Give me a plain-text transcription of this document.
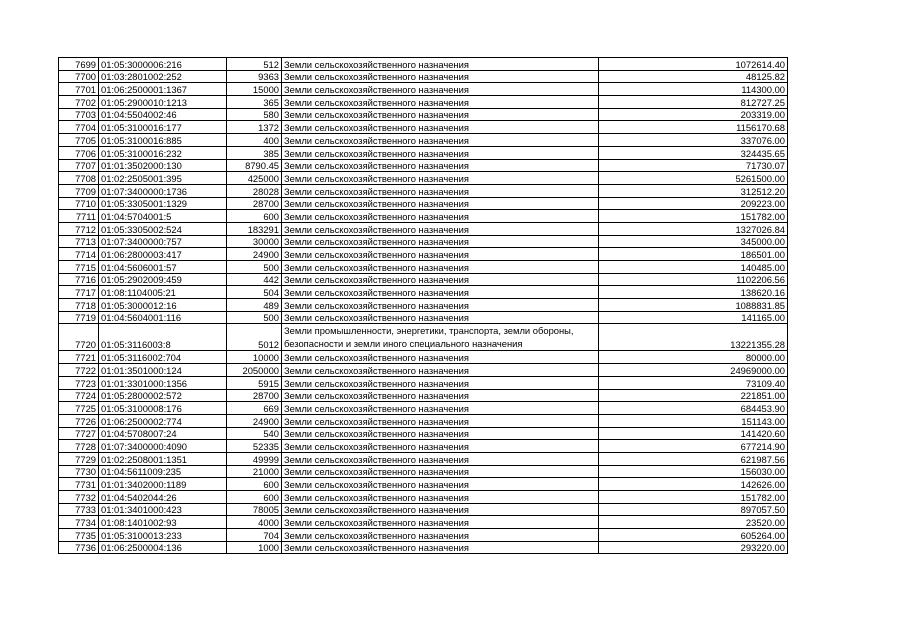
7699	01:05:3000006:216	512	Земли сельскохозяйственного назначения	1072614.40
7700	01:03:2801002:252	9363	Земли сельскохозяйственного назначения	48125.82
7701	01:06:2500001:1367	15000	Земли сельскохозяйственного назначения	114300.00
7702	01:05:2900010:1213	365	Земли сельскохозяйственного назначения	812727.25
7703	01:04:5504002:46	580	Земли сельскохозяйственного назначения	203319.00
7704	01:05:3100016:177	1372	Земли сельскохозяйственного назначения	1156170.68
7705	01:05:3100016:885	400	Земли сельскохозяйственного назначения	337076.00
7706	01:05:3100016:232	385	Земли сельскохозяйственного назначения	324435.65
7707	01:01:3502000:130	8790.45	Земли сельскохозяйственного назначения	71730.07
7708	01:02:2505001:395	425000	Земли сельскохозяйственного назначения	5261500.00
7709	01:07:3400000:1736	28028	Земли сельскохозяйственного назначения	312512.20
7710	01:05:3305001:1329	28700	Земли сельскохозяйственного назначения	209223.00
7711	01:04:5704001:5	600	Земли сельскохозяйственного назначения	151782.00
7712	01:05:3305002:524	183291	Земли сельскохозяйственного назначения	1327026.84
7713	01:07:3400000:757	30000	Земли сельскохозяйственного назначения	345000.00
7714	01:06:2800003:417	24900	Земли сельскохозяйственного назначения	186501.00
7715	01:04:5606001:57	500	Земли сельскохозяйственного назначения	140485.00
7716	01:05:2902009:459	442	Земли сельскохозяйственного назначения	1102206.56
7717	01:08:1104005:21	504	Земли сельскохозяйственного назначения	138620.16
7718	01:05:3000012:16	489	Земли сельскохозяйственного назначения	1088831.85
7719	01:04:5604001:116	500	Земли сельскохозяйственного назначения	141165.00
7720	01:05:3116003:8	5012	Земли промышленности, энергетики, транспорта, земли обороны, безопасности и земли иного специального назначения	13221355.28
7721	01:05:3116002:704	10000	Земли сельскохозяйственного назначения	80000.00
7722	01:01:3501000:124	2050000	Земли сельскохозяйственного назначения	24969000.00
7723	01:01:3301000:1356	5915	Земли сельскохозяйственного назначения	73109.40
7724	01:05:2800002:572	28700	Земли сельскохозяйственного назначения	221851.00
7725	01:05:3100008:176	669	Земли сельскохозяйственного назначения	684453.90
7726	01:06:2500002:774	24900	Земли сельскохозяйственного назначения	151143.00
7727	01:04:5708007:24	540	Земли сельскохозяйственного назначения	141420.60
7728	01:07:3400000:4090	52335	Земли сельскохозяйственного назначения	677214.90
7729	01:02:2508001:1351	49999	Земли сельскохозяйственного назначения	621987.56
7730	01:04:5611009:235	21000	Земли сельскохозяйственного назначения	156030.00
7731	01:01:3402000:1189	600	Земли сельскохозяйственного назначения	142626.00
7732	01:04:5402044:26	600	Земли сельскохозяйственного назначения	151782.00
7733	01:01:3401000:423	78005	Земли сельскохозяйственного назначения	897057.50
7734	01:08:1401002:93	4000	Земли сельскохозяйственного назначения	23520.00
7735	01:05:3100013:233	704	Земли сельскохозяйственного назначения	605264.00
7736	01:06:2500004:136	1000	Земли сельскохозяйственного назначения	293220.00
